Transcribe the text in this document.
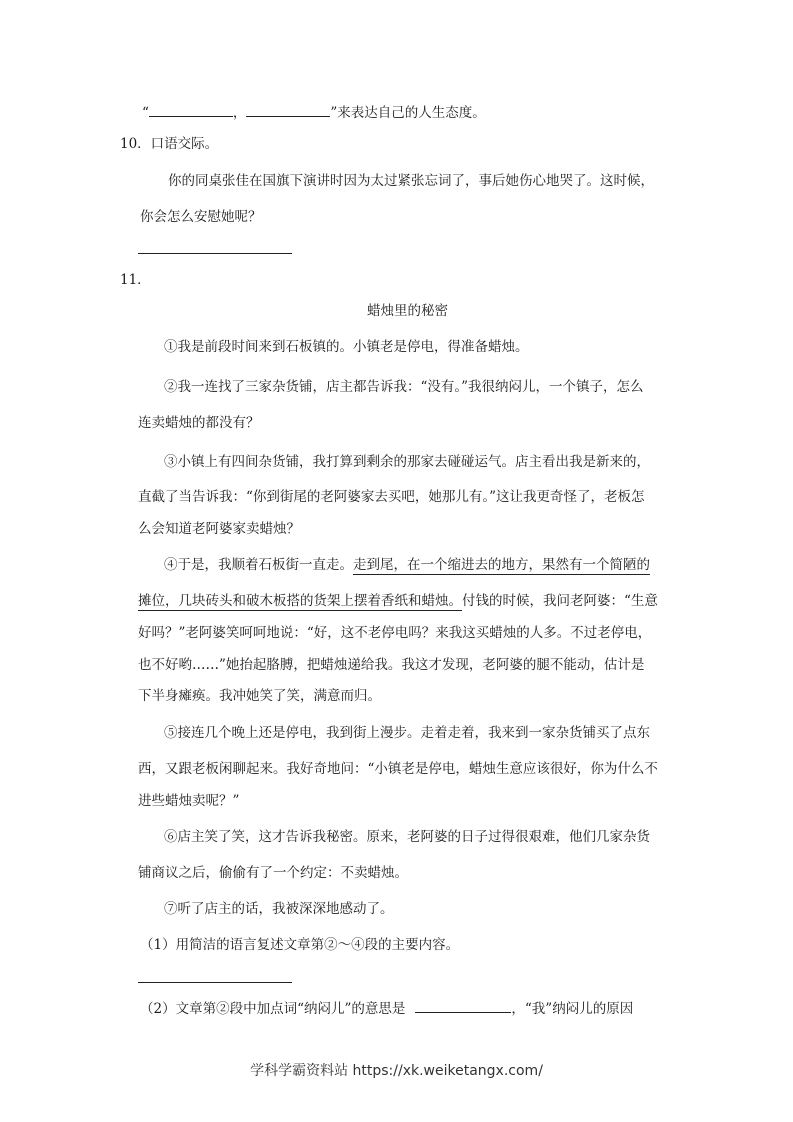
“	，	”来表达自己的人生态度。
10．口语交际。
你的同桌张佳在国旗下演讲时因为太过紧张忘词了，事后她伤心地哭了。这时候，
你会怎么安慰她呢？
11．
蜡烛里的秘密
①我是前段时间来到石板镇的。小镇老是停电，得准备蜡烛。
②我一连找了三家杂货铺，店主都告诉我：“没有。”我很纳闷儿，一个镇子，怎么
连卖蜡烛的都没有？
③小镇上有四间杂货铺，我打算到剩余的那家去碰碰运气。店主看出我是新来的，
直截了当告诉我：“你到街尾的老阿婆家去买吧，她那儿有。”这让我更奇怪了，老板怎
么会知道老阿婆家卖蜡烛？
④于是，我顺着石板街一直走。走到尾，在一个缩进去的地方，果然有一个简陋的
摊位，几块砖头和破木板搭的货架上摆着香纸和蜡烛。付钱的时候，我问老阿婆：“生意
好吗？”老阿婆笑呵呵地说：“好，这不老停电吗？来我这买蜡烛的人多。不过老停电，
也不好哟……”她抬起胳膊，把蜡烛递给我。我这才发现，老阿婆的腿不能动，估计是
下半身瘫痪。我冲她笑了笑，满意而归。
⑤接连几个晚上还是停电，我到街上漫步。走着走着，我来到一家杂货铺买了点东
西，又跟老板闲聊起来。我好奇地问：“小镇老是停电，蜡烛生意应该很好，你为什么不
进些蜡烛卖呢？”
⑥店主笑了笑，这才告诉我秘密。原来，老阿婆的日子过得很艰难，他们几家杂货
铺商议之后，偷偷有了一个约定：不卖蜡烛。
⑦听了店主的话，我被深深地感动了。
（1）用简洁的语言复述文章第②～④段的主要内容。
（2）文章第②段中加点词“纳闷儿”的意思是	，“我”纳闷儿的原因
学科学霸资料站 https://xk.weiketangx.com/
